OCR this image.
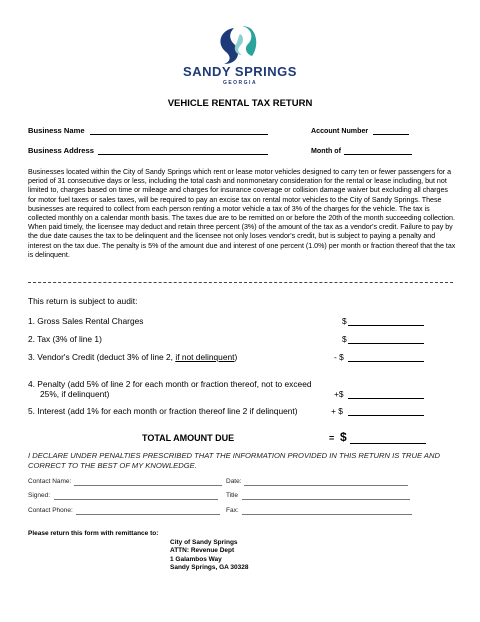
SANDY SPRINGS
GEORGIA
VEHICLE RENTAL TAX RETURN
Business Name	Account Number
Business Address	Month of
Businesses located within the City of Sandy Springs which rent or lease motor vehicles designed to carry ten or fewer passengers for a period of 31 consecutive days or less, including the total cash and nonmonetary consideration for the rental or lease including, but not limited to, charges based on time or mileage and charges for insurance coverage or collision damage waiver but excluding all charges for motor fuel taxes or sales taxes, will be required to pay an excise tax on rental motor vehicles to the City of Sandy Springs. These businesses are required to collect from each person renting a motor vehicle a tax of 3% of the charges for the vehicle. The tax is collected monthly on a calendar month basis. The taxes due are to be remitted on or before the 20th of the month succeeding collection. When paid timely, the licensee may deduct and retain three percent (3%) of the amount of the tax as a vendor's credit. Failure to pay by the due date causes the tax to be delinquent and the licensee not only loses vendor's credit, but is subject to paying a penalty and interest on the tax due. The penalty is 5% of the amount due and interest of one percent (1.0%) per month or fraction thereof that the tax is delinquent.
This return is subject to audit:
1. Gross Sales Rental Charges	$
2. Tax (3% of line 1)	$
3. Vendor's Credit (deduct 3% of line 2, if not delinquent)	- $
4. Penalty (add 5% of line 2 for each month or fraction thereof, not to exceed
25%, if delinquent)	+$
5. Interest (add 1% for each month or fraction thereof line 2 if delinquent)	+ $
TOTAL AMOUNT DUE	= $
I DECLARE UNDER PENALTIES PRESCRIBED THAT THE INFORMATION PROVIDED IN THIS RETURN IS TRUE AND CORRECT TO THE BEST OF MY KNOWLEDGE.
Contact Name:	Date:
Signed:	Title
Contact Phone:	Fax:
Please return this form with remittance to:
City of Sandy Springs
ATTN: Revenue Dept
1 Galambos Way
Sandy Springs, GA 30328
